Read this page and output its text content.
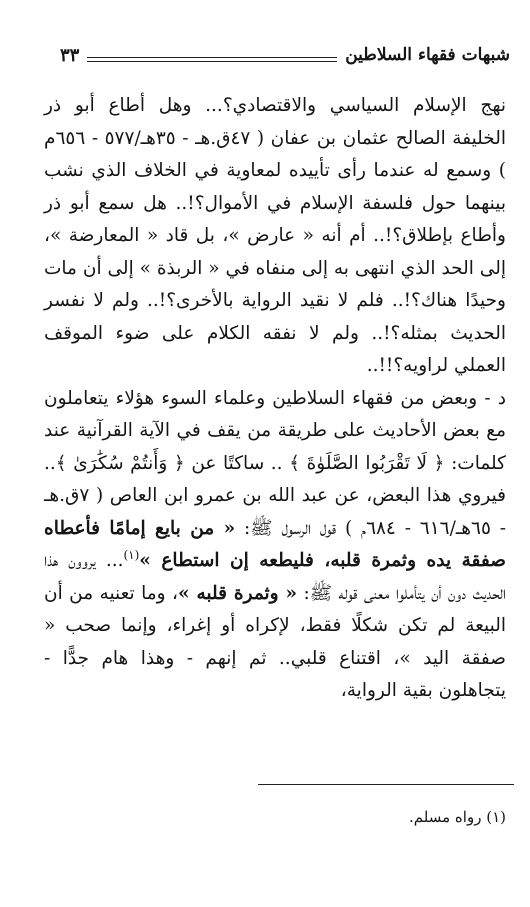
شبهات فقهاء السلاطين
٣٣

نهج الإسلام السياسي والاقتصادي؟... وهل أطاع أبو ذر الخليفة الصالح عثمان بن عفان ( ٤٧ق.هـ - ٣٥هـ/٥٧٧ - ٦٥٦م ) وسمع له عندما رأى تأييده لمعاوية في الخلاف الذي نشب بينهما حول فلسفة الإسلام في الأموال؟!.. هل سمع أبو ذر وأطاع بإطلاق؟!.. أم أنه « عارض »، بل قاد « المعارضة »، إلى الحد الذي انتهى به إلى منفاه في « الربذة » إلى أن مات وحيدًا هناك؟!.. فلم لا نقيد الرواية بالأخرى؟!.. ولم لا نفسر الحديث بمثله؟!.. ولم لا نفقه الكلام على ضوء الموقف العملي لراويه؟!!..

د - وبعض من فقهاء السلاطين وعلماء السوء هؤلاء يتعاملون مع بعض الأحاديث على طريقة من يقف في الآية القرآنية عند كلمات: ﴿ لَا تَقْرَبُوا الصَّلَوٰةَ ﴾ .. ساكتًا عن ﴿ وَأَنتُمْ سُكَٰرَىٰ ﴾.. فيروي هذا البعض، عن عبد الله بن عمرو ابن العاص ( ٧ق.هـ - ٦٥هـ/٦١٦ - ٦٨٤م ) قول الرسول ﷺ: « من بايع إمامًا فأعطاه صفقة يده وثمرة قلبه، فليطعه إن استطاع »$^{(١)}$... يروون هذا الحديث دون أن يتأملوا معنى قوله ﷺ: « وثمرة قلبه »، وما تعنيه من أن البيعة لم تكن شكلًا فقط، لإكراه أو إغراء، وإنما صحب « صفقة اليد »، اقتناع قلبي.. ثم إنهم - وهذا هام جدًّا - يتجاهلون بقية الرواية،

(١) رواه مسلم.
